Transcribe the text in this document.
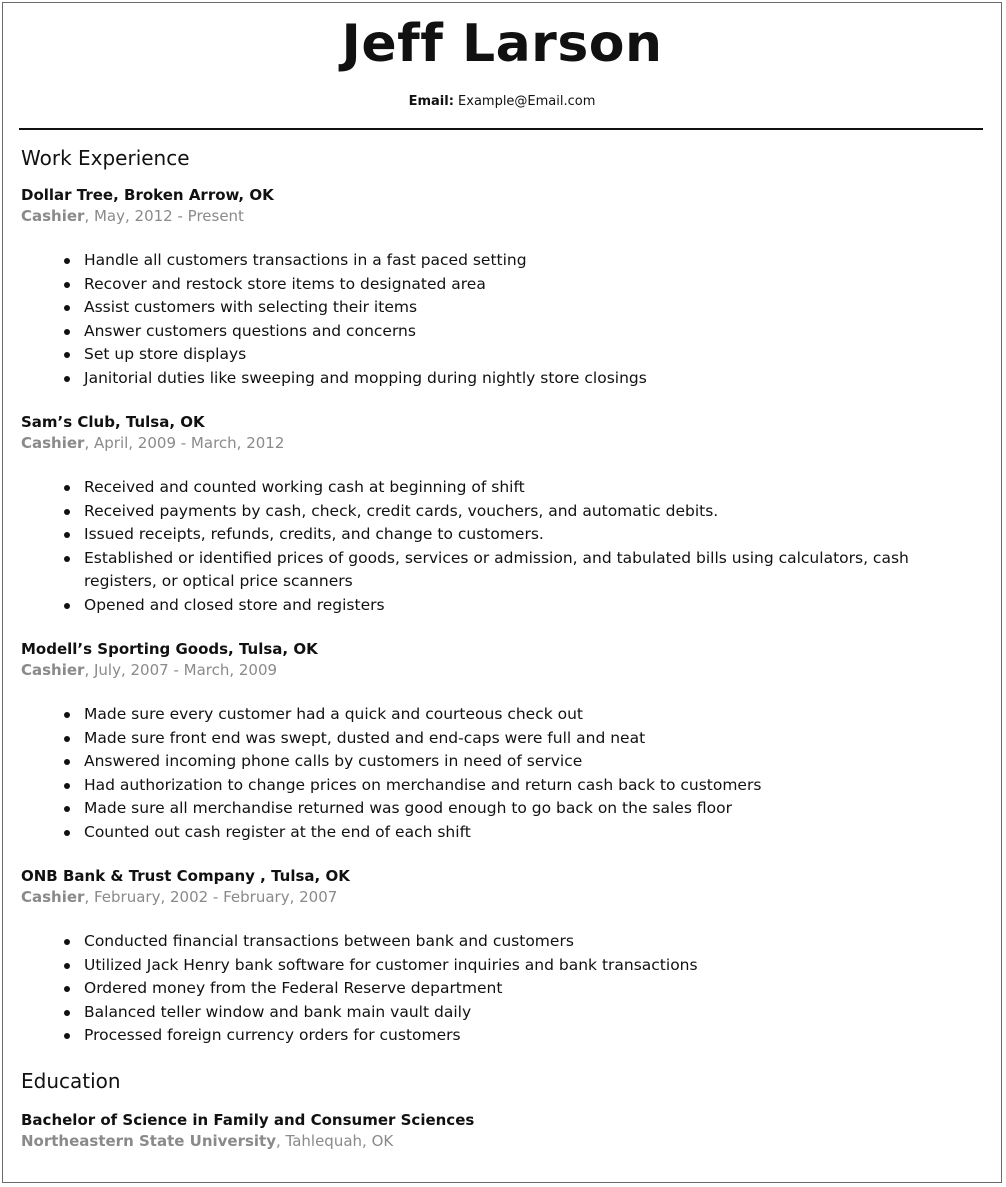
Jeff Larson
Email: Example@Email.com
Work Experience

Dollar Tree, Broken Arrow, OK

Cashier, May, 2012 - Present

Handle all customers transactions in a fast paced setting
Recover and restock store items to designated area
Assist customers with selecting their items
Answer customers questions and concerns
Set up store displays
Janitorial duties like sweeping and mopping during nightly store closings

Sam’s Club, Tulsa, OK

Cashier, April, 2009 - March, 2012

Received and counted working cash at beginning of shift
Received payments by cash, check, credit cards, vouchers, and automatic debits.
Issued receipts, refunds, credits, and change to customers.
Established or identified prices of goods, services or admission, and tabulated bills using calculators, cash registers, or optical price scanners
Opened and closed store and registers

Modell’s Sporting Goods, Tulsa, OK

Cashier, July, 2007 - March, 2009

Made sure every customer had a quick and courteous check out
Made sure front end was swept, dusted and end-caps were full and neat
Answered incoming phone calls by customers in need of service
Had authorization to change prices on merchandise and return cash back to customers
Made sure all merchandise returned was good enough to go back on the sales floor
Counted out cash register at the end of each shift

ONB Bank & Trust Company , Tulsa, OK

Cashier, February, 2002 - February, 2007

Conducted financial transactions between bank and customers
Utilized Jack Henry bank software for customer inquiries and bank transactions
Ordered money from the Federal Reserve department
Balanced teller window and bank main vault daily
Processed foreign currency orders for customers
Education

Bachelor of Science in Family and Consumer Sciences

Northeastern State University, Tahlequah, OK
